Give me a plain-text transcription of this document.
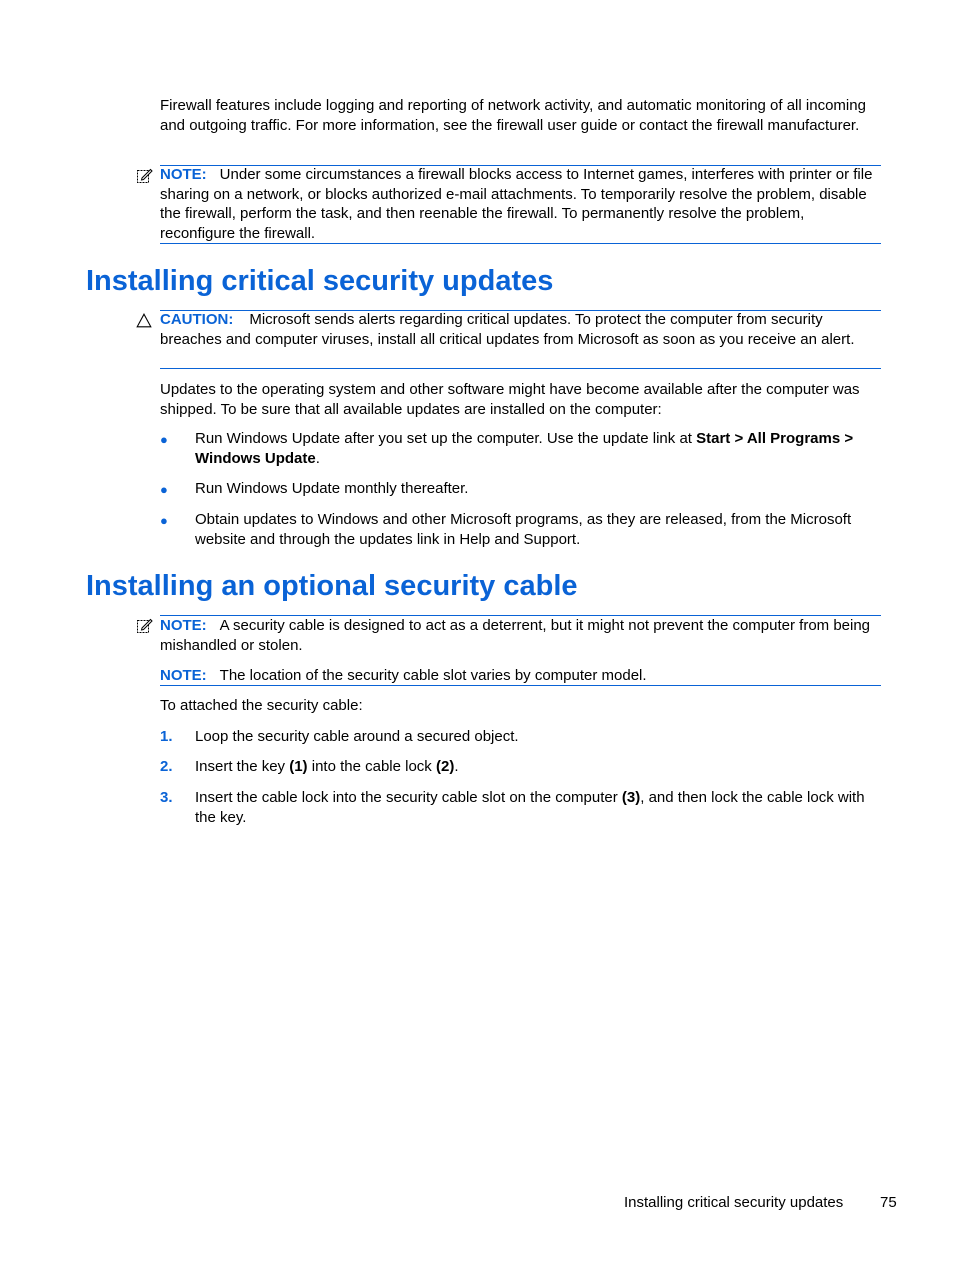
Firewall features include logging and reporting of network activity, and automatic monitoring of all incoming and outgoing traffic. For more information, see the firewall user guide or contact the firewall manufacturer.
NOTE: Under some circumstances a firewall blocks access to Internet games, interferes with printer or file sharing on a network, or blocks authorized e-mail attachments. To temporarily resolve the problem, disable the firewall, perform the task, and then reenable the firewall. To permanently resolve the problem, reconfigure the firewall.
Installing critical security updates
CAUTION: Microsoft sends alerts regarding critical updates. To protect the computer from security breaches and computer viruses, install all critical updates from Microsoft as soon as you receive an alert.
Updates to the operating system and other software might have become available after the computer was shipped. To be sure that all available updates are installed on the computer:
● Run Windows Update after you set up the computer. Use the update link at Start > All Programs > Windows Update.
● Run Windows Update monthly thereafter.
● Obtain updates to Windows and other Microsoft programs, as they are released, from the Microsoft website and through the updates link in Help and Support.
Installing an optional security cable
NOTE: A security cable is designed to act as a deterrent, but it might not prevent the computer from being mishandled or stolen.
NOTE: The location of the security cable slot varies by computer model.
To attached the security cable:
1. Loop the security cable around a secured object.
2. Insert the key (1) into the cable lock (2).
3. Insert the cable lock into the security cable slot on the computer (3), and then lock the cable lock with the key.
Installing critical security updates 75
